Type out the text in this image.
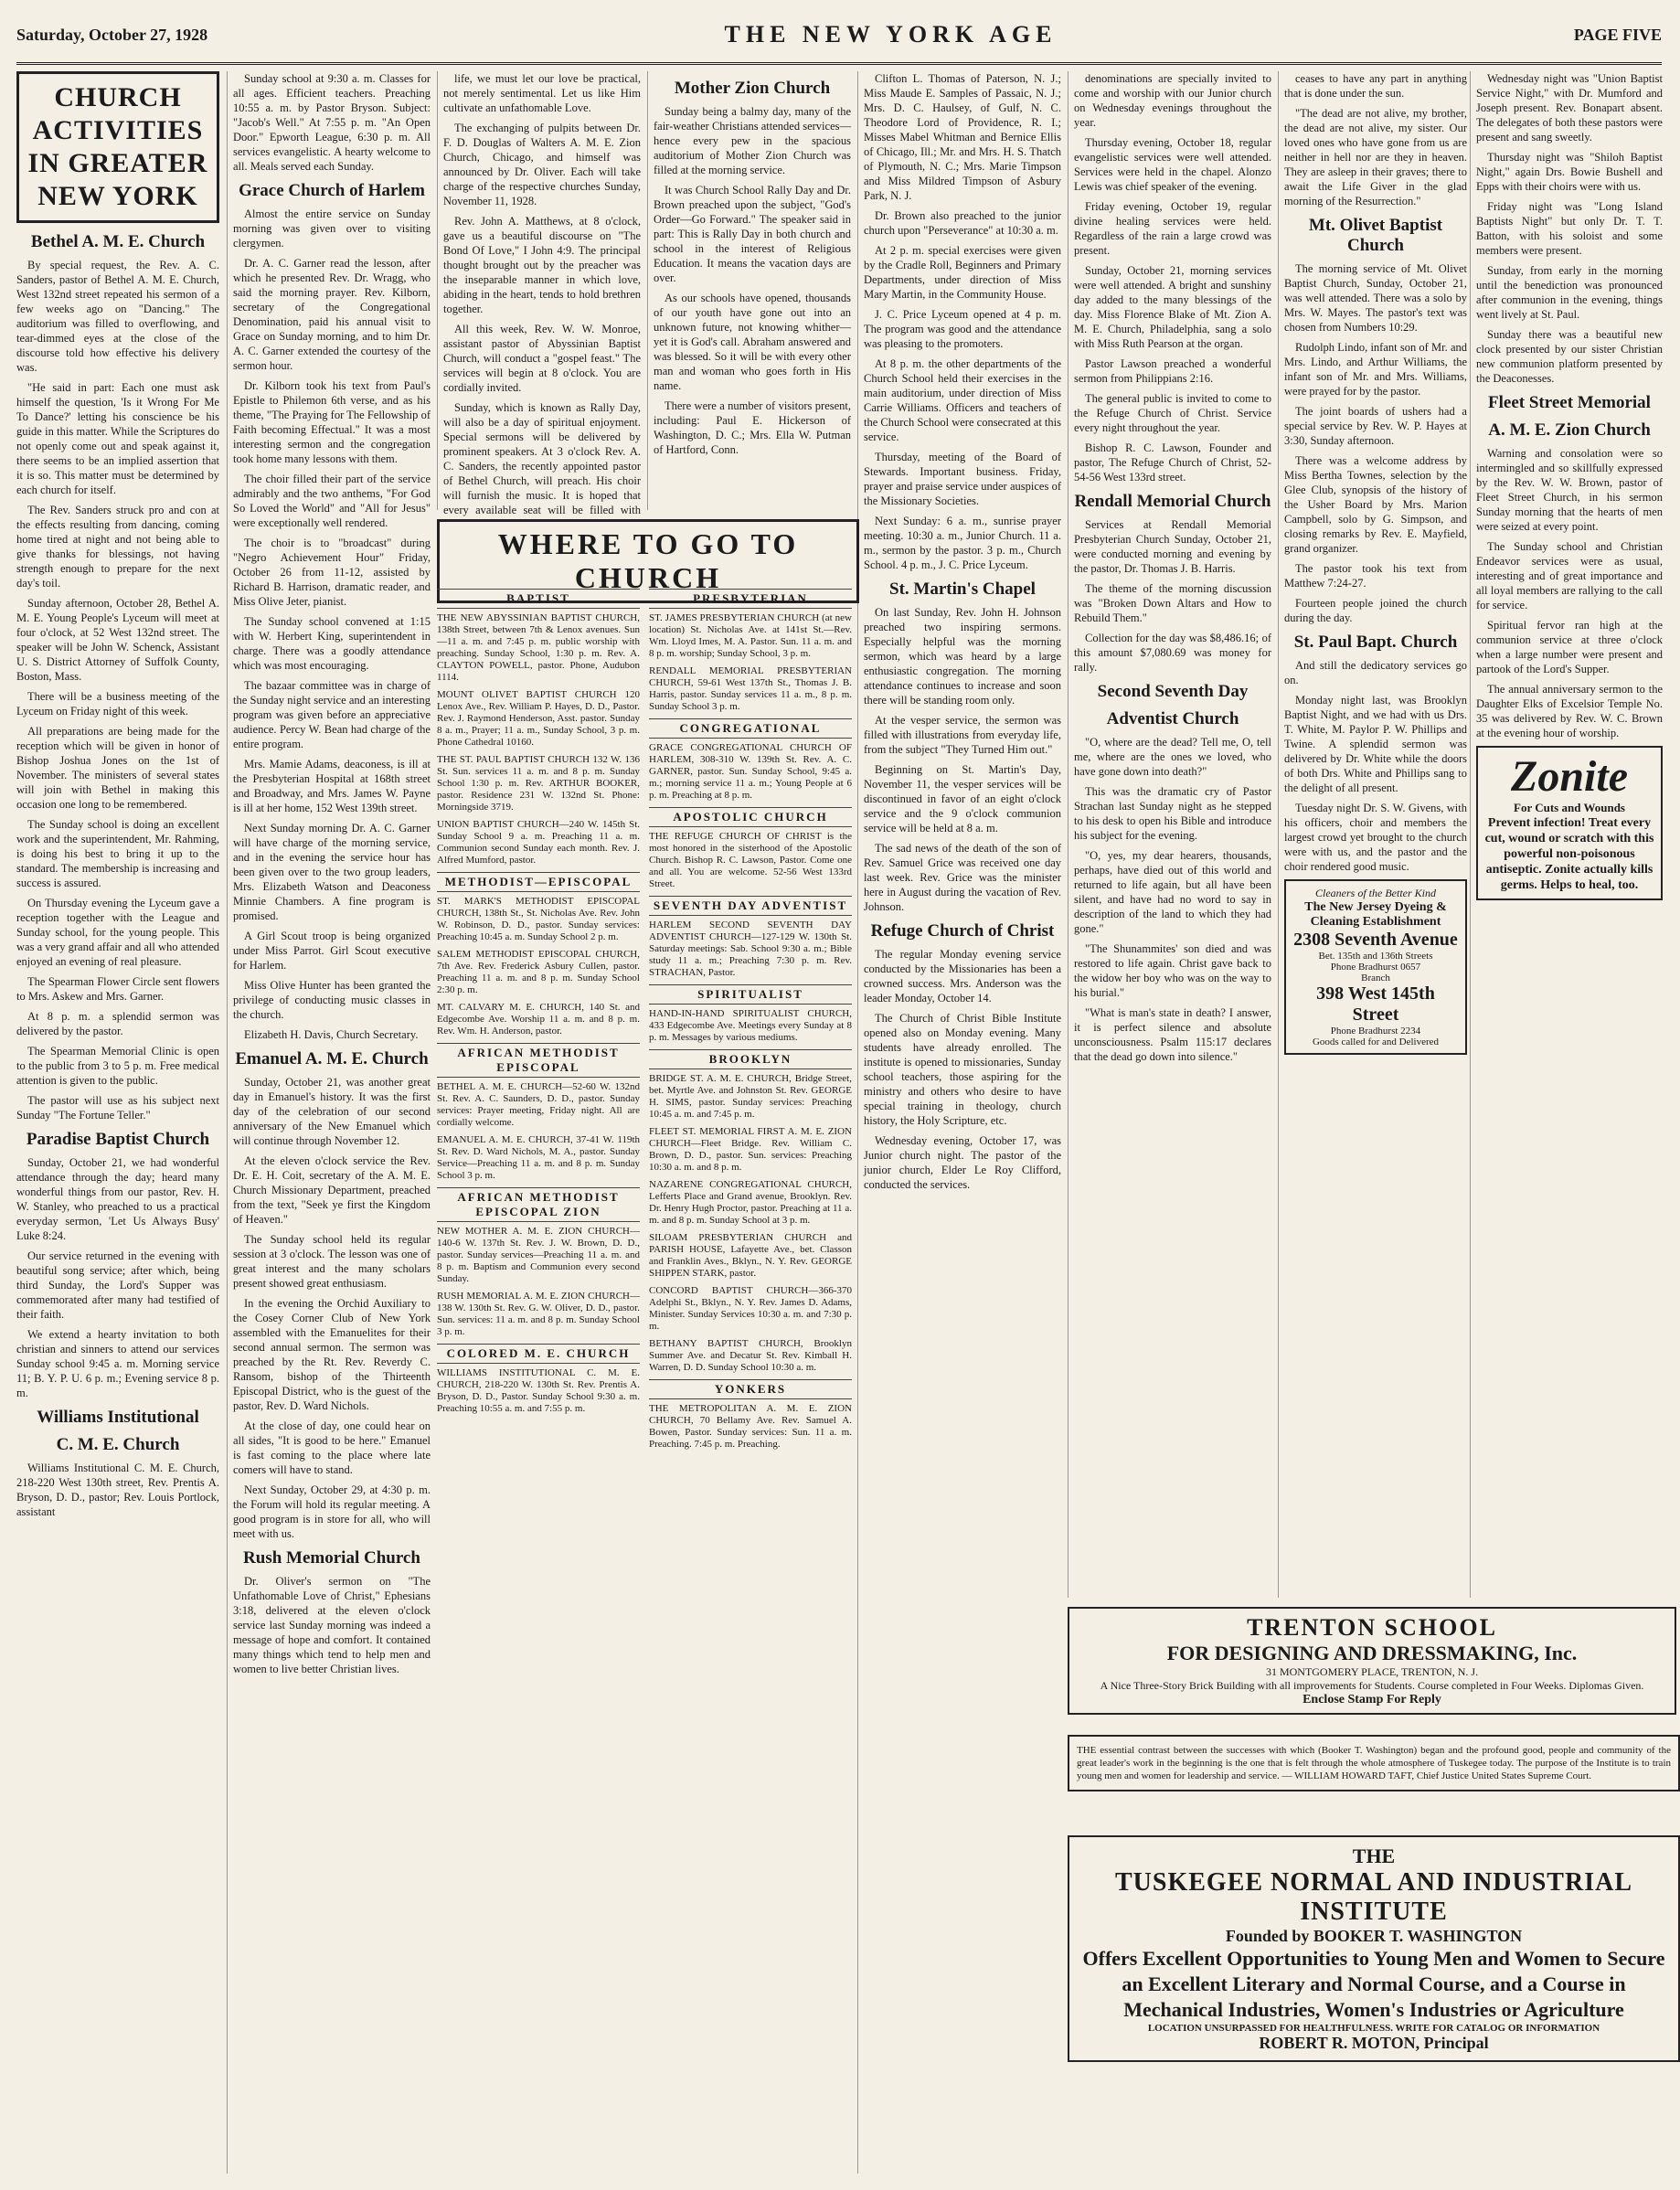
Saturday, October 27, 1928	THE NEW YORK AGE	PAGE FIVE
CHURCH ACTIVITIES
IN GREATER NEW YORK
Bethel A. M. E. Church

By special request, the Rev. A. C. Sanders, pastor of Bethel A. M. E. Church, West 132nd street repeated his sermon of a few weeks ago on "Dancing." The auditorium was filled to overflowing, and tear-dimmed eyes at the close of the discourse told how effective his delivery was.

"He said in part: Each one must ask himself the question, 'Is it Wrong For Me To Dance?' letting his conscience be his guide in this matter. While the Scriptures do not openly come out and speak against it, there seems to be an implied assertion that it is so. This matter must be determined by each church for itself.

The Rev. Sanders struck pro and con at the effects resulting from dancing, coming home tired at night and not being able to give thanks for blessings, not having strength enough to prepare for the next day's toil.

Sunday afternoon, October 28, Bethel A. M. E. Young People's Lyceum will meet at four o'clock, at 52 West 132nd street. The speaker will be John W. Schenck, Assistant U. S. District Attorney of Suffolk County, Boston, Mass.

There will be a business meeting of the Lyceum on Friday night of this week.

All preparations are being made for the reception which will be given in honor of Bishop Joshua Jones on the 1st of November. The ministers of several states will join with Bethel in making this occasion one long to be remembered.

The Sunday school is doing an excellent work and the superintendent, Mr. Rahming, is doing his best to bring it up to the standard. The membership is increasing and success is assured.

On Thursday evening the Lyceum gave a reception together with the League and Sunday school, for the young people. This was a very grand affair and all who attended enjoyed an evening of real pleasure.

The Spearman Flower Circle sent flowers to Mrs. Askew and Mrs. Garner.

At 8 p. m. a splendid sermon was delivered by the pastor.

The Spearman Memorial Clinic is open to the public from 3 to 5 p. m. Free medical attention is given to the public.

The pastor will use as his subject next Sunday "The Fortune Teller."

Paradise Baptist Church

Sunday, October 21, we had wonderful attendance through the day; heard many wonderful things from our pastor, Rev. H. W. Stanley, who preached to us a practical everyday sermon, 'Let Us Always Busy' Luke 8:24.

Our service returned in the evening with beautiful song service; after which, being third Sunday, the Lord's Supper was commemorated after many had testified of their faith.

We extend a hearty invitation to both christian and sinners to attend our services Sunday school 9:45 a. m. Morning service 11; B. Y. P. U. 6 p. m.; Evening service 8 p. m.

Williams Institutional
C. M. E. Church

Williams Institutional C. M. E. Church, 218-220 West 130th street, Rev. Prentis A. Bryson, D. D., pastor; Rev. Louis Portlock, assistant

Sunday school at 9:30 a. m. Classes for all ages. Efficient teachers. Preaching 10:55 a. m. by Pastor Bryson. Subject: "Jacob's Well." At 7:55 p. m. "An Open Door." Epworth League, 6:30 p. m. All services evangelistic. A hearty welcome to all. Meals served each Sunday.

Grace Church of Harlem

Almost the entire service on Sunday morning was given over to visiting clergymen.

Dr. A. C. Garner read the lesson, after which he presented Rev. Dr. Wragg, who said the morning prayer. Rev. Kilborn, secretary of the Congregational Denomination, paid his annual visit to Grace on Sunday morning, and to him Dr. A. C. Garner extended the courtesy of the sermon hour.

Dr. Kilborn took his text from Paul's Epistle to Philemon 6th verse, and as his theme, "The Praying for The Fellowship of Faith becoming Effectual." It was a most interesting sermon and the congregation took home many lessons with them.

The choir filled their part of the service admirably and the two anthems, "For God So Loved the World" and "All for Jesus" were exceptionally well rendered.

The choir is to "broadcast" during "Negro Achievement Hour" Friday, October 26 from 11-12, assisted by Richard B. Harrison, dramatic reader, and Miss Olive Jeter, pianist.

The Sunday school convened at 1:15 with W. Herbert King, superintendent in charge. There was a goodly attendance which was most encouraging.

The bazaar committee was in charge of the Sunday night service and an interesting program was given before an appreciative audience. Percy W. Bean had charge of the entire program.

Mrs. Mamie Adams, deaconess, is ill at the Presbyterian Hospital at 168th street and Broadway, and Mrs. James W. Payne is ill at her home, 152 West 139th street.

Next Sunday morning Dr. A. C. Garner will have charge of the morning service, and in the evening the service hour has been given over to the two group leaders, Mrs. Elizabeth Watson and Deaconess Minnie Chambers. A fine program is promised.

A Girl Scout troop is being organized under Miss Parrot. Girl Scout executive for Harlem.

Miss Olive Hunter has been granted the privilege of conducting music classes in the church.

Elizabeth H. Davis, Church Secretary.

Emanuel A. M. E. Church

Sunday, October 21, was another great day in Emanuel's history. It was the first day of the celebration of our second anniversary of the New Emanuel which will continue through November 12.

At the eleven o'clock service the Rev. Dr. E. H. Coit, secretary of the A. M. E. Church Missionary Department, preached from the text, "Seek ye first the Kingdom of Heaven."

The Sunday school held its regular session at 3 o'clock. The lesson was one of great interest and the many scholars present showed great enthusiasm.

In the evening the Orchid Auxiliary to the Cosey Corner Club of New York assembled with the Emanuelites for their second annual sermon. The sermon was preached by the Rt. Rev. Reverdy C. Ransom, bishop of the Thirteenth Episcopal District, who is the guest of the pastor, Rev. D. Ward Nichols.

At the close of day, one could hear on all sides, "It is good to be here." Emanuel is fast coming to the place where late comers will have to stand.

Next Sunday, October 29, at 4:30 p. m. the Forum will hold its regular meeting. A good program is in store for all, who will meet with us.

Rush Memorial Church

Dr. Oliver's sermon on "The Unfathomable Love of Christ," Ephesians 3:18, delivered at the eleven o'clock service last Sunday morning was indeed a message of hope and comfort. It contained many things which tend to help men and women to live better Christian lives.

life, we must let our love be practical, not merely sentimental. Let us like Him cultivate an unfathomable Love.

The exchanging of pulpits between Dr. F. D. Douglas of Walters A. M. E. Zion Church, Chicago, and himself was announced by Dr. Oliver. Each will take charge of the respective churches Sunday, November 11, 1928.

Rev. John A. Matthews, at 8 o'clock, gave us a beautiful discourse on "The Bond Of Love," I John 4:9. The principal thought brought out by the preacher was the inseparable manner in which love, abiding in the heart, tends to hold brethren together.

All this week, Rev. W. W. Monroe, assistant pastor of Abyssinian Baptist Church, will conduct a "gospel feast." The services will begin at 8 o'clock. You are cordially invited.

Sunday, which is known as Rally Day, will also be a day of spiritual enjoyment. Special sermons will be delivered by prominent speakers. At 3 o'clock Rev. A. C. Sanders, the recently appointed pastor of Bethel Church, will preach. His choir will furnish the music. It is hoped that every available seat will be filled with

Mother Zion Church

Sunday being a balmy day, many of the fair-weather Christians attended services—hence every pew in the spacious auditorium of Mother Zion Church was filled at the morning service.

It was Church School Rally Day and Dr. Brown preached upon the subject, "God's Order—Go Forward." The speaker said in part: This is Rally Day in both church and school in the interest of Religious Education. It means the vacation days are over.

As our schools have opened, thousands of our youth have gone out into an unknown future, not knowing whither—yet it is God's call. Abraham answered and was blessed. So it will be with every other man and woman who goes forth in His name.

There were a number of visitors present, including: Paul E. Hickerson of Washington, D. C.; Mrs. Ella W. Putman of Hartford, Conn.

Clifton L. Thomas of Paterson, N. J.; Miss Maude E. Samples of Passaic, N. J.; Mrs. D. C. Haulsey, of Gulf, N. C. Theodore Lord of Providence, R. I.; Misses Mabel Whitman and Bernice Ellis of Chicago, Ill.; Mr. and Mrs. H. S. Thatch of Plymouth, N. C.; Mrs. Marie Timpson and Miss Mildred Timpson of Asbury Park, N. J.

Dr. Brown also preached to the junior church upon "Perseverance" at 10:30 a. m.

At 2 p. m. special exercises were given by the Cradle Roll, Beginners and Primary Departments, under direction of Miss Mary Martin, in the Community House.

J. C. Price Lyceum opened at 4 p. m. The program was good and the attendance was pleasing to the promoters.

At 8 p. m. the other departments of the Church School held their exercises in the main auditorium, under direction of Miss Carrie Williams. Officers and teachers of the Church School were consecrated at this service.

Thursday, meeting of the Board of Stewards. Important business. Friday, prayer and praise service under auspices of the Missionary Societies.

Next Sunday: 6 a. m., sunrise prayer meeting. 10:30 a. m., Junior Church. 11 a. m., sermon by the pastor. 3 p. m., Church School. 4 p. m., J. C. Price Lyceum.

St. Martin's Chapel

On last Sunday, Rev. John H. Johnson preached two inspiring sermons. Especially helpful was the morning sermon, which was heard by a large enthusiastic congregation. The morning attendance continues to increase and soon there will be standing room only.

At the vesper service, the sermon was filled with illustrations from everyday life, from the subject "They Turned Him out."

Beginning on St. Martin's Day, November 11, the vesper services will be discontinued in favor of an eight o'clock service and the 9 o'clock communion service will be held at 8 a. m.

The sad news of the death of the son of Rev. Samuel Grice was received one day last week. Rev. Grice was the minister here in August during the vacation of Rev. Johnson.

Refuge Church of Christ

The regular Monday evening service conducted by the Missionaries has been a crowned success. Mrs. Anderson was the leader Monday, October 14.

The Church of Christ Bible Institute opened also on Monday evening. Many students have already enrolled. The institute is opened to missionaries, Sunday school teachers, those aspiring for the ministry and others who desire to have special training in theology, church history, the Holy Scripture, etc.

Wednesday evening, October 17, was Junior church night. The pastor of the junior church, Elder Le Roy Clifford, conducted the services.

denominations are specially invited to come and worship with our Junior church on Wednesday evenings throughout the year.

Thursday evening, October 18, regular evangelistic services were well attended. Services were held in the chapel. Alonzo Lewis was chief speaker of the evening.

Friday evening, October 19, regular divine healing services were held. Regardless of the rain a large crowd was present.

Sunday, October 21, morning services were well attended. A bright and sunshiny day added to the many blessings of the day. Miss Florence Blake of Mt. Zion A. M. E. Church, Philadelphia, sang a solo with Miss Ruth Pearson at the organ.

Pastor Lawson preached a wonderful sermon from Philippians 2:16.

The general public is invited to come to the Refuge Church of Christ. Service every night throughout the year.

Bishop R. C. Lawson, Founder and pastor, The Refuge Church of Christ, 52-54-56 West 133rd street.

Rendall Memorial Church

Services at Rendall Memorial Presbyterian Church Sunday, October 21, were conducted morning and evening by the pastor, Dr. Thomas J. B. Harris.

The theme of the morning discussion was "Broken Down Altars and How to Rebuild Them."

Collection for the day was $8,486.16; of this amount $7,080.69 was money for rally.

Second Seventh Day
Adventist Church

"O, where are the dead? Tell me, O, tell me, where are the ones we loved, who have gone down into death?"

This was the dramatic cry of Pastor Strachan last Sunday night as he stepped to his desk to open his Bible and introduce his subject for the evening.

"O, yes, my dear hearers, thousands, perhaps, have died out of this world and returned to life again, but all have been silent, and have had no word to say in description of the land to which they had gone."

"The Shunammites' son died and was restored to life again. Christ gave back to the widow her boy who was on the way to his burial."

"What is man's state in death? I answer, it is perfect silence and absolute unconsciousness. Psalm 115:17 declares that the dead go down into silence."

ceases to have any part in anything that is done under the sun.

"The dead are not alive, my brother, the dead are not alive, my sister. Our loved ones who have gone from us are neither in hell nor are they in heaven. They are asleep in their graves; there to await the Life Giver in the glad morning of the Resurrection."

Mt. Olivet Baptist Church

The morning service of Mt. Olivet Baptist Church, Sunday, October 21, was well attended. There was a solo by Mrs. W. Mayes. The pastor's text was chosen from Numbers 10:29.

Rudolph Lindo, infant son of Mr. and Mrs. Lindo, and Arthur Williams, the infant son of Mr. and Mrs. Williams, were prayed for by the pastor.

The joint boards of ushers had a special service by Rev. W. P. Hayes at 3:30, Sunday afternoon.

There was a welcome address by Miss Bertha Townes, selection by the Glee Club, synopsis of the history of the Usher Board by Mrs. Marion Campbell, solo by G. Simpson, and closing remarks by Rev. E. Mayfield, grand organizer.

The pastor took his text from Matthew 7:24-27.

Fourteen people joined the church during the day.

St. Paul Bapt. Church

And still the dedicatory services go on.

Monday night last, was Brooklyn Baptist Night, and we had with us Drs. T. White, M. Paylor P. W. Phillips and Twine. A splendid sermon was delivered by Dr. White while the doors of both Drs. White and Phillips sang to the delight of all present.

Tuesday night Dr. S. W. Givens, with his officers, choir and members the largest crowd yet brought to the church were with us, and the pastor and the choir rendered good music.

Cleaners of the Better Kind
The New Jersey Dyeing & Cleaning Establishment
2308 Seventh Avenue
Bet. 135th and 136th Streets
Phone Bradhurst 0657
Branch
398 West 145th Street
Phone Bradhurst 2234
Goods called for and Delivered

Wednesday night was "Union Baptist Service Night," with Dr. Mumford and Joseph present. Rev. Bonapart absent. The delegates of both these pastors were present and sang sweetly.

Thursday night was "Shiloh Baptist Night," again Drs. Bowie Bushell and Epps with their choirs were with us.

Friday night was "Long Island Baptists Night" but only Dr. T. T. Batton, with his soloist and some members were present.

Sunday, from early in the morning until the benediction was pronounced after communion in the evening, things went lively at St. Paul.

Sunday there was a beautiful new clock presented by our sister Christian new communion platform presented by the Deaconesses.

Fleet Street Memorial
A. M. E. Zion Church

Warning and consolation were so intermingled and so skillfully expressed by the Rev. W. W. Brown, pastor of Fleet Street Church, in his sermon Sunday morning that the hearts of men were seized at every point.

The Sunday school and Christian Endeavor services were as usual, interesting and of great importance and all loyal members are rallying to the call for service.

Spiritual fervor ran high at the communion service at three o'clock when a large number were present and partook of the Lord's Supper.

The annual anniversary sermon to the Daughter Elks of Excelsior Temple No. 35 was delivered by Rev. W. C. Brown at the evening hour of worship.

Zonite
For Cuts and Wounds
Prevent infection! Treat every cut, wound or scratch with this powerful non-poisonous antiseptic. Zonite actually kills germs. Helps to heal, too.
WHERE TO GO TO CHURCH
BAPTIST
THE NEW ABYSSINIAN BAPTIST CHURCH, 138th Street, between 7th & Lenox avenues. Sun—11 a. m. and 7:45 p. m. public worship with preaching. Sunday School, 1:30 p. m. Rev. A. CLAYTON POWELL, pastor. Phone, Audubon 1114.
MOUNT OLIVET BAPTIST CHURCH 120 Lenox Ave., Rev. William P. Hayes, D. D., Pastor. Rev. J. Raymond Henderson, Asst. pastor. Sunday 8 a. m., Prayer; 11 a. m., Sunday School, 3 p. m. Phone Cathedral 10160.
THE ST. PAUL BAPTIST CHURCH 132 W. 136 St. Sun. services 11 a. m. and 8 p. m. Sunday School 1:30 p. m. Rev. ARTHUR BOOKER, pastor. Residence 231 W. 132nd St. Phone: Morningside 3719.
UNION BAPTIST CHURCH—240 W. 145th St. Sunday School 9 a. m. Preaching 11 a. m. Communion second Sunday each month. Rev. J. Alfred Mumford, pastor.
METHODIST—EPISCOPAL
ST. MARK'S METHODIST EPISCOPAL CHURCH, 138th St., St. Nicholas Ave. Rev. John W. Robinson, D. D., pastor. Sunday services: Preaching 10:45 a. m. Sunday School 2 p. m.
SALEM METHODIST EPISCOPAL CHURCH, 7th Ave. Rev. Frederick Asbury Cullen, pastor. Preaching 11 a. m. and 8 p. m. Sunday School 2:30 p. m.
MT. CALVARY M. E. CHURCH, 140 St. and Edgecombe Ave. Worship 11 a. m. and 8 p. m. Rev. Wm. H. Anderson, pastor.
AFRICAN METHODIST EPISCOPAL
BETHEL A. M. E. CHURCH—52-60 W. 132nd St. Rev. A. C. Saunders, D. D., pastor. Sunday services: Prayer meeting, Friday night. All are cordially welcome.
EMANUEL A. M. E. CHURCH, 37-41 W. 119th St. Rev. D. Ward Nichols, M. A., pastor. Sunday Service—Preaching 11 a. m. and 8 p. m. Sunday School 3 p. m.
AFRICAN METHODIST EPISCOPAL ZION
NEW MOTHER A. M. E. ZION CHURCH—140-6 W. 137th St. Rev. J. W. Brown, D. D., pastor. Sunday services—Preaching 11 a. m. and 8 p. m. Baptism and Communion every second Sunday.
RUSH MEMORIAL A. M. E. ZION CHURCH—138 W. 130th St. Rev. G. W. Oliver, D. D., pastor. Sun. services: 11 a. m. and 8 p. m. Sunday School 3 p. m.
COLORED M. E. CHURCH
WILLIAMS INSTITUTIONAL C. M. E. CHURCH, 218-220 W. 130th St. Rev. Prentis A. Bryson, D. D., Pastor. Sunday School 9:30 a. m. Preaching 10:55 a. m. and 7:55 p. m.
PRESBYTERIAN
ST. JAMES PRESBYTERIAN CHURCH (at new location) St. Nicholas Ave. at 141st St.—Rev. Wm. Lloyd Imes, M. A. Pastor. Sun. 11 a. m. and 8 p. m. worship; Sunday School, 3 p. m.
RENDALL MEMORIAL PRESBYTERIAN CHURCH, 59-61 West 137th St., Thomas J. B. Harris, pastor. Sunday services 11 a. m., 8 p. m. Sunday School 3 p. m.
CONGREGATIONAL
GRACE CONGREGATIONAL CHURCH OF HARLEM, 308-310 W. 139th St. Rev. A. C. GARNER, pastor. Sun. Sunday School, 9:45 a. m.; morning service 11 a. m.; Young People at 6 p. m. Preaching at 8 p. m.
APOSTOLIC CHURCH
THE REFUGE CHURCH OF CHRIST is the most honored in the sisterhood of the Apostolic Church. Bishop R. C. Lawson, Pastor. Come one and all. You are welcome. 52-56 West 133rd Street.
SEVENTH DAY ADVENTIST
HARLEM SECOND SEVENTH DAY ADVENTIST CHURCH—127-129 W. 130th St. Saturday meetings: Sab. School 9:30 a. m.; Bible study 11 a. m.; Preaching 7:30 p. m. Rev. STRACHAN, Pastor.
SPIRITUALIST
HAND-IN-HAND SPIRITUALIST CHURCH, 433 Edgecombe Ave. Meetings every Sunday at 8 p. m. Messages by various mediums.
BROOKLYN
BRIDGE ST. A. M. E. CHURCH, Bridge Street, bet. Myrtle Ave. and Johnston St. Rev. GEORGE H. SIMS, pastor. Sunday services: Preaching 10:45 a. m. and 7:45 p. m.
FLEET ST. MEMORIAL FIRST A. M. E. ZION CHURCH—Fleet Bridge. Rev. William C. Brown, D. D., pastor. Sun. services: Preaching 10:30 a. m. and 8 p. m.
NAZARENE CONGREGATIONAL CHURCH, Lefferts Place and Grand avenue, Brooklyn. Rev. Dr. Henry Hugh Proctor, pastor. Preaching at 11 a. m. and 8 p. m. Sunday School at 3 p. m.
SILOAM PRESBYTERIAN CHURCH and PARISH HOUSE, Lafayette Ave., bet. Classon and Franklin Aves., Bklyn., N. Y. Rev. GEORGE SHIPPEN STARK, pastor.
CONCORD BAPTIST CHURCH—366-370 Adelphi St., Bklyn., N. Y. Rev. James D. Adams, Minister. Sunday Services 10:30 a. m. and 7:30 p. m.
BETHANY BAPTIST CHURCH, Brooklyn Summer Ave. and Decatur St. Rev. Kimball H. Warren, D. D. Sunday School 10:30 a. m.
YONKERS
THE METROPOLITAN A. M. E. ZION CHURCH, 70 Bellamy Ave. Rev. Samuel A. Bowen, Pastor. Sunday services: Sun. 11 a. m. Preaching. 7:45 p. m. Preaching.
TRENTON SCHOOL
FOR DESIGNING AND DRESSMAKING, Inc.
31 MONTGOMERY PLACE, TRENTON, N. J.
A Nice Three-Story Brick Building with all improvements for Students. Course completed in Four Weeks. Diplomas Given.
Enclose Stamp For Reply
THE essential contrast between the successes with which (Booker T. Washington) began and the profound good, people and community of the great leader's work in the beginning is the one that is felt through the whole atmosphere of Tuskegee today. The purpose of the Institute is to train young men and women for leadership and service. — WILLIAM HOWARD TAFT, Chief Justice United States Supreme Court.
THE
TUSKEGEE NORMAL AND INDUSTRIAL INSTITUTE
Founded by BOOKER T. WASHINGTON
Offers Excellent Opportunities to Young Men and Women to Secure an Excellent Literary and Normal Course, and a Course in Mechanical Industries, Women's Industries or Agriculture
LOCATION UNSURPASSED FOR HEALTHFULNESS. WRITE FOR CATALOG OR INFORMATION
ROBERT R. MOTON, Principal
